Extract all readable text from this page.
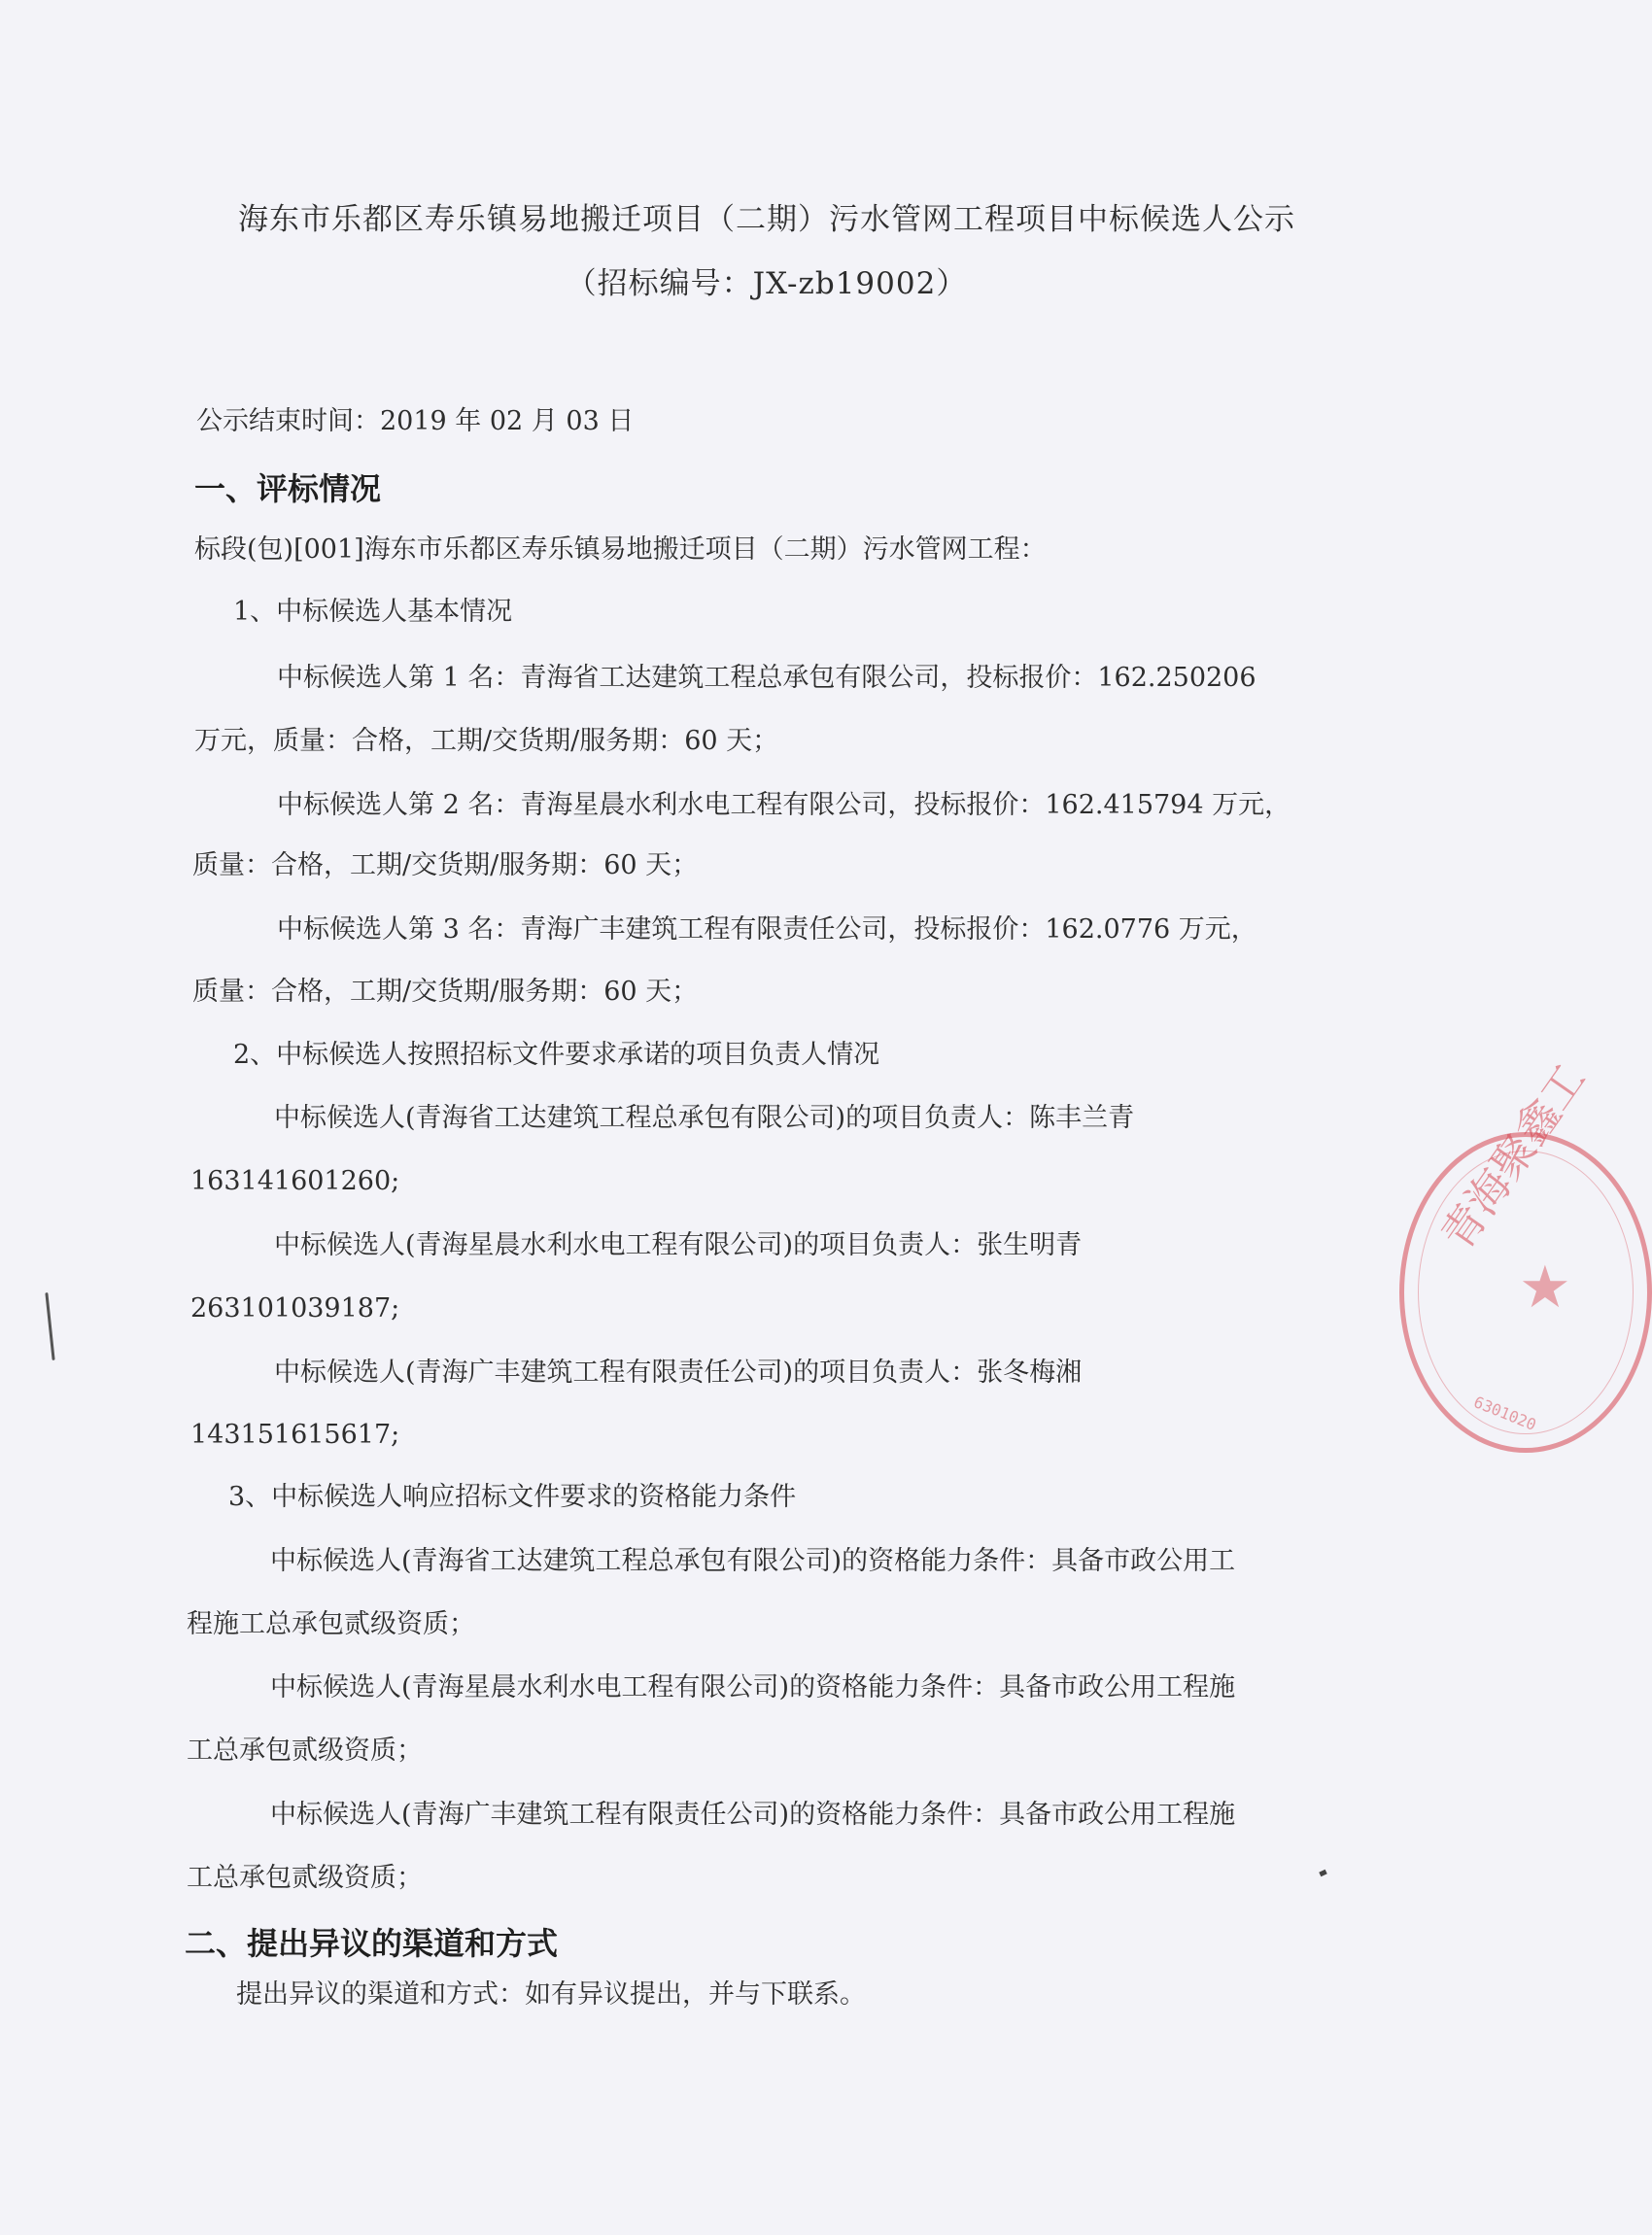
海东市乐都区寿乐镇易地搬迁项目（二期）污水管网工程项目中标候选人公示
（招标编号：JX-zb19002）
公示结束时间：2019 年 02 月 03 日
一、评标情况
标段(包)[001]海东市乐都区寿乐镇易地搬迁项目（二期）污水管网工程：
1、中标候选人基本情况
中标候选人第 1 名：青海省工达建筑工程总承包有限公司，投标报价：162.250206
万元，质量：合格，工期/交货期/服务期：60 天；
中标候选人第 2 名：青海星晨水利水电工程有限公司，投标报价：162.415794 万元，
质量：合格，工期/交货期/服务期：60 天；
中标候选人第 3 名：青海广丰建筑工程有限责任公司，投标报价：162.0776 万元，
质量：合格，工期/交货期/服务期：60 天；
2、中标候选人按照招标文件要求承诺的项目负责人情况
中标候选人(青海省工达建筑工程总承包有限公司)的项目负责人：陈丰兰青
163141601260;
中标候选人(青海星晨水利水电工程有限公司)的项目负责人：张生明青
263101039187;
中标候选人(青海广丰建筑工程有限责任公司)的项目负责人：张冬梅湘
143151615617;
3、中标候选人响应招标文件要求的资格能力条件
中标候选人(青海省工达建筑工程总承包有限公司)的资格能力条件：具备市政公用工
程施工总承包贰级资质；
中标候选人(青海星晨水利水电工程有限公司)的资格能力条件：具备市政公用工程施
工总承包贰级资质；
中标候选人(青海广丰建筑工程有限责任公司)的资格能力条件：具备市政公用工程施
工总承包贰级资质；
二、提出异议的渠道和方式
提出异议的渠道和方式：如有异议提出，并与下联系。
★
青海聚鑫工
6301020
